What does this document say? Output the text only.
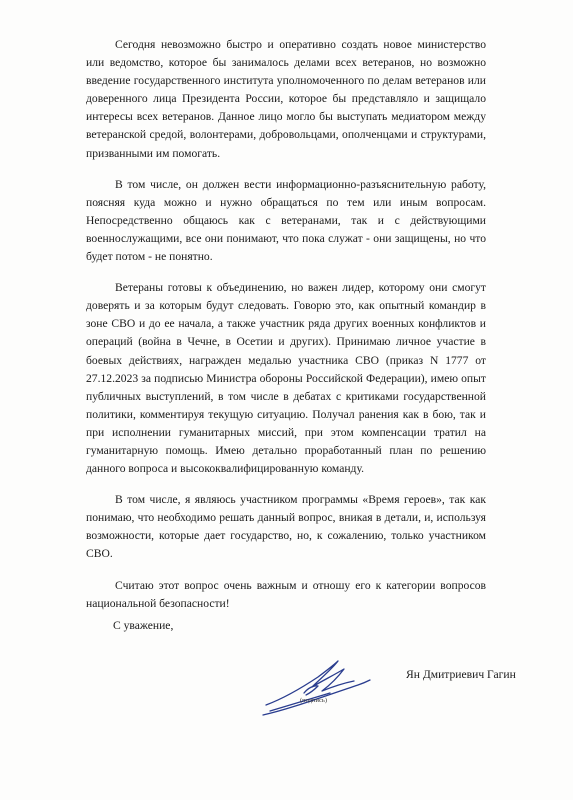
Сегодня невозможно быстро и оперативно создать новое министерство или ведомство, которое бы занималось делами всех ветеранов, но возможно введение государственного института уполномоченного по делам ветеранов или доверенного лица Президента России, которое бы представляло и защищало интересы всех ветеранов. Данное лицо могло бы выступать медиатором между ветеранской средой, волонтерами, добровольцами, ополченцами и структурами, призванными им помогать.

В том числе, он должен вести информационно-разъяснительную работу, поясняя куда можно и нужно обращаться по тем или иным вопросам. Непосредственно общаюсь как с ветеранами, так и с действующими военнослужащими, все они понимают, что пока служат - они защищены, но что будет потом - не понятно.

Ветераны готовы к объединению, но важен лидер, которому они смогут доверять и за которым будут следовать. Говорю это, как опытный командир в зоне СВО и до ее начала, а также участник ряда других военных конфликтов и операций (война в Чечне, в Осетии и других). Принимаю личное участие в боевых действиях, награжден медалью участника СВО (приказ N 1777 от 27.12.2023 за подписью Министра обороны Российской Федерации), имею опыт публичных выступлений, в том числе в дебатах с критиками государственной политики, комментируя текущую ситуацию. Получал ранения как в бою, так и при исполнении гуманитарных миссий, при этом компенсации тратил на гуманитарную помощь. Имею детально проработанный план по решению данного вопроса и высококвалифицированную команду.

В том числе, я являюсь участником программы «Время героев», так как понимаю, что необходимо решать данный вопрос, вникая в детали, и, используя возможности, которые дает государство, но, к сожалению, только участником СВО.

Считаю этот вопрос очень важным и отношу его к категории вопросов национальной безопасности!

С уважение,

(подпись)

Ян Дмитриевич Гагин
